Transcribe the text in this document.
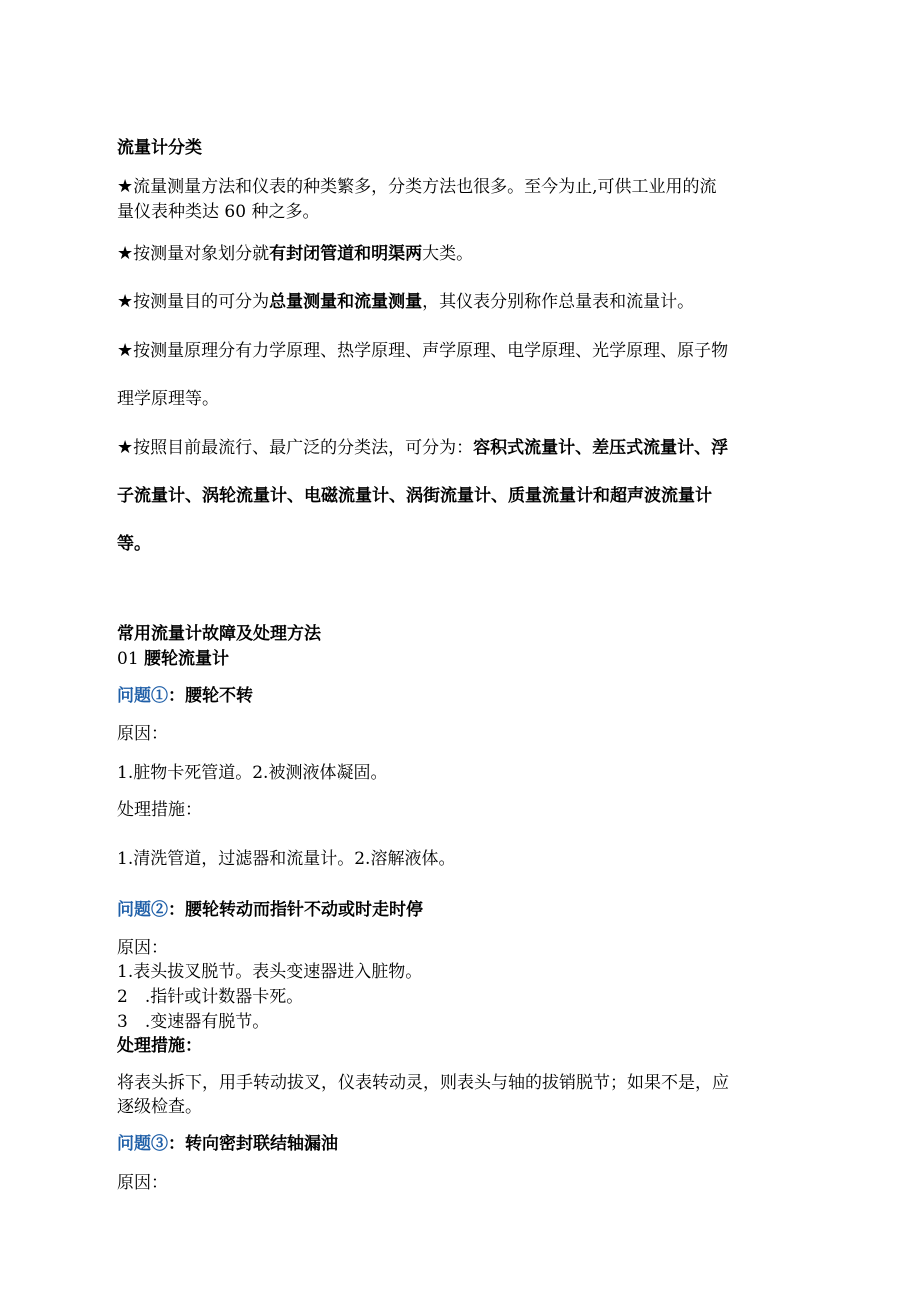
流量计分类
★流量测量方法和仪表的种类繁多，分类方法也很多。至今为止,可供工业用的流
量仪表种类达 60 种之多。
★按测量对象划分就有封闭管道和明渠两大类。
★按测量目的可分为总量测量和流量测量，其仪表分别称作总量表和流量计。
★按测量原理分有力学原理、热学原理、声学原理、电学原理、光学原理、原子物
理学原理等。
★按照目前最流行、最广泛的分类法，可分为：容积式流量计、差压式流量计、浮
子流量计、涡轮流量计、电磁流量计、涡街流量计、质量流量计和超声波流量计
等。
常用流量计故障及处理方法
01 腰轮流量计
问题①：腰轮不转
原因：
1.脏物卡死管道。2.被测液体凝固。
处理措施：
1.清洗管道，过滤器和流量计。2.溶解液体。
问题②：腰轮转动而指针不动或时走时停
原因：
1.表头拔叉脱节。表头变速器进入脏物。
2　.指针或计数器卡死。
3　.变速器有脱节。
处理措施：
将表头拆下，用手转动拔叉，仪表转动灵，则表头与轴的拔销脱节；如果不是，应
逐级检查。
问题③：转向密封联结轴漏油
原因：
